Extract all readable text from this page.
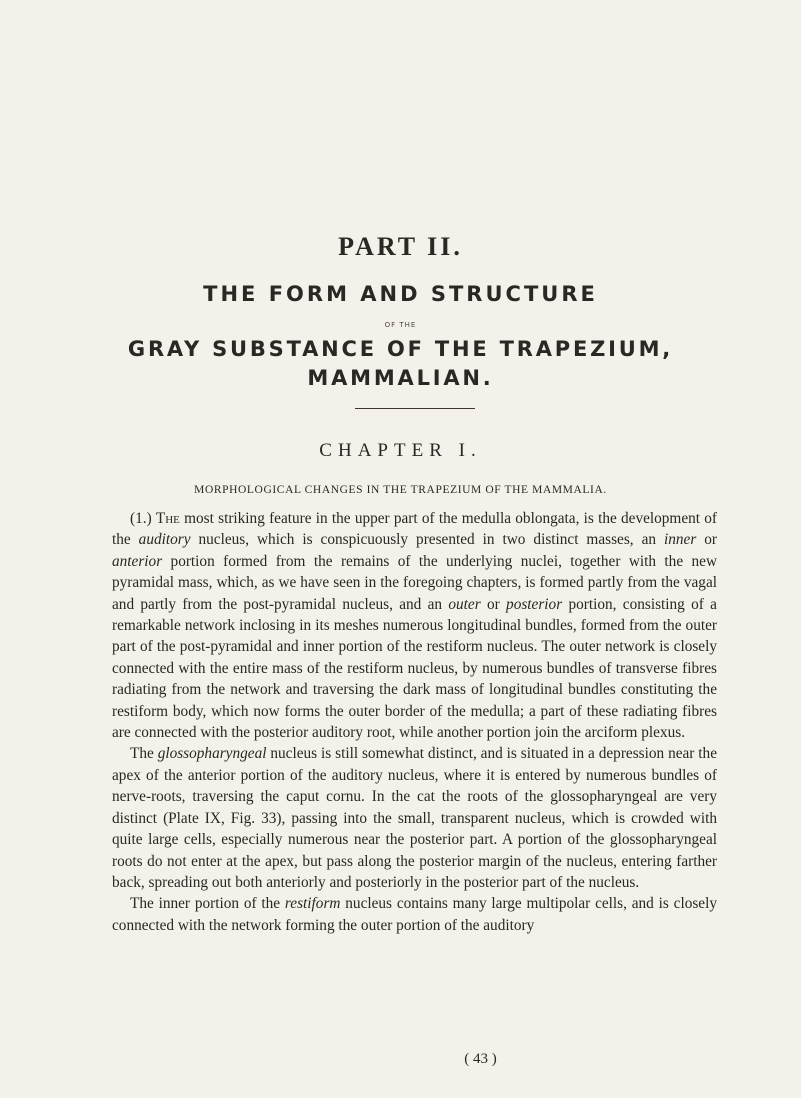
PART II.
THE FORM AND STRUCTURE
OF THE
GRAY SUBSTANCE OF THE TRAPEZIUM,
MAMMALIAN.
CHAPTER I.
MORPHOLOGICAL CHANGES IN THE TRAPEZIUM OF THE MAMMALIA.

(1.) The most striking feature in the upper part of the medulla oblongata, is the development of the auditory nucleus, which is conspicuously presented in two distinct masses, an inner or anterior portion formed from the remains of the underlying nuclei, together with the new pyramidal mass, which, as we have seen in the foregoing chapters, is formed partly from the vagal and partly from the post-pyramidal nucleus, and an outer or posterior portion, consisting of a remarkable network inclosing in its meshes numerous longitudinal bundles, formed from the outer part of the post-pyramidal and inner portion of the restiform nucleus. The outer network is closely connected with the entire mass of the restiform nucleus, by numerous bundles of transverse fibres radiating from the network and traversing the dark mass of longitudinal bundles constituting the restiform body, which now forms the outer border of the medulla; a part of these radiating fibres are connected with the posterior auditory root, while another portion join the arciform plexus.

The glossopharyngeal nucleus is still somewhat distinct, and is situated in a depression near the apex of the anterior portion of the auditory nucleus, where it is entered by numerous bundles of nerve-roots, traversing the caput cornu. In the cat the roots of the glossopharyngeal are very distinct (Plate IX, Fig. 33), passing into the small, transparent nucleus, which is crowded with quite large cells, especially numerous near the posterior part. A portion of the glossopharyngeal roots do not enter at the apex, but pass along the posterior margin of the nucleus, entering farther back, spreading out both anteriorly and posteriorly in the posterior part of the nucleus.

The inner portion of the restiform nucleus contains many large multipolar cells, and is closely connected with the network forming the outer portion of the auditory

( 43 )
